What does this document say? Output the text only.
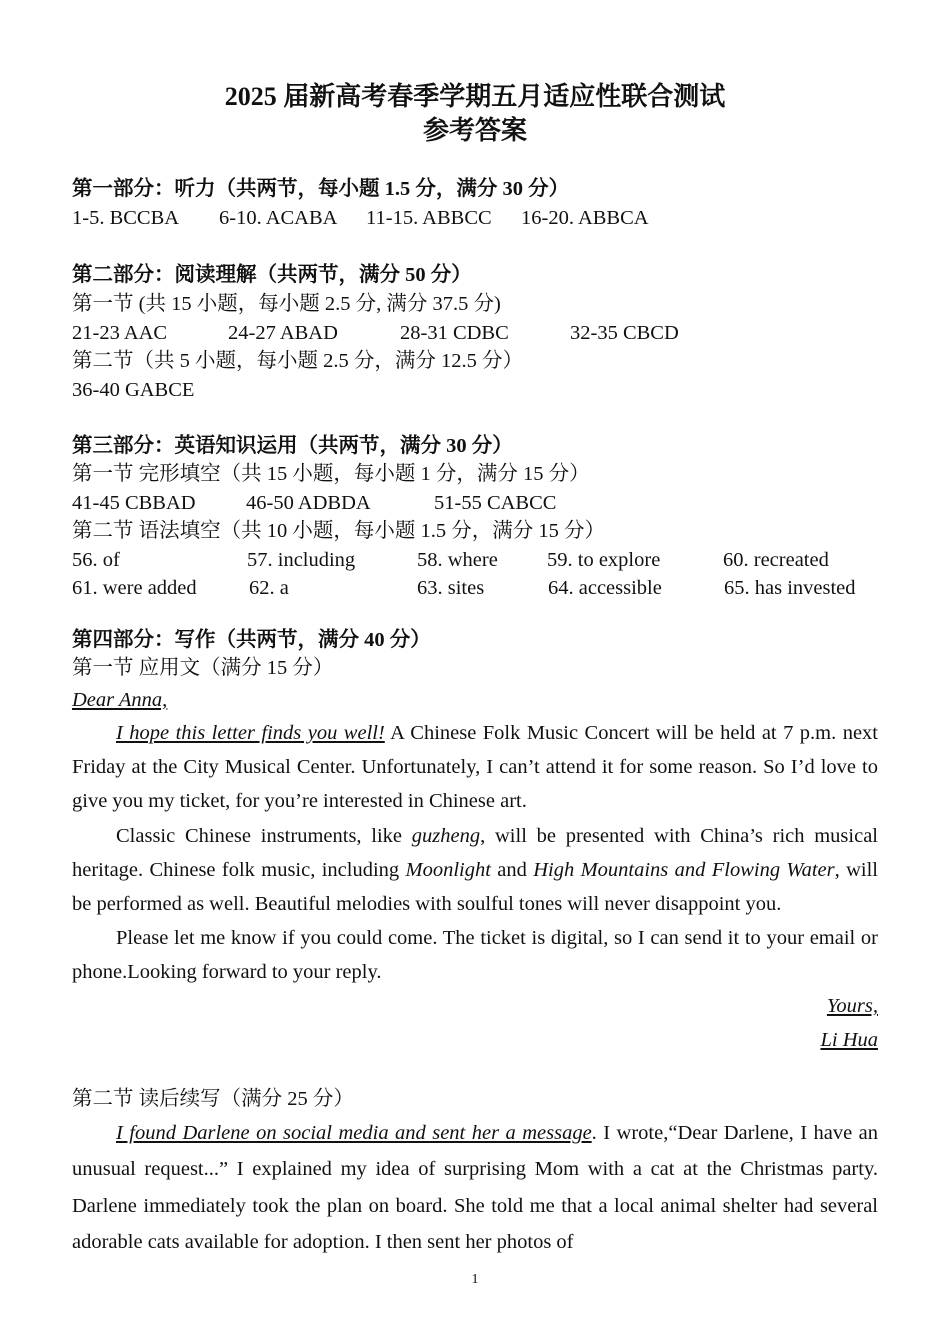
2025 届新高考春季学期五月适应性联合测试
参考答案
第一部分：听力（共两节，每小题 1.5 分，满分 30 分）
1-5. BCCBA 6-10. ACABA 11-15. ABBCC 16-20. ABBCA
第二部分：阅读理解（共两节，满分 50 分）
第一节 (共 15 小题，每小题 2.5 分, 满分 37.5 分)
21-23 AAC	24-27 ABAD	28-31 CDBC	32-35 CBCD
第二节（共 5 小题，每小题 2.5 分，满分 12.5 分）
36-40 GABCE
第三部分：英语知识运用（共两节，满分 30 分）
第一节 完形填空（共 15 小题，每小题 1 分，满分 15 分）
41-45 CBBAD 46-50 ADBDA	51-55 CABCC
第二节 语法填空（共 10 小题，每小题 1.5 分，满分 15 分）
56. of	57. including	58. where 59. to explore	60. recreated
61. were added	62. a	63. sites	64. accessible	65. has invested
第四部分：写作（共两节，满分 40 分）
第一节 应用文（满分 15 分）
Dear Anna,

I hope this letter finds you well! A Chinese Folk Music Concert will be held at 7 p.m. next Friday at the City Musical Center. Unfortunately, I can’t attend it for some reason. So I’d love to give you my ticket, for you’re interested in Chinese art.

Classic Chinese instruments, like guzheng, will be presented with China’s rich musical heritage. Chinese folk music, including Moonlight and High Mountains and Flowing Water, will be performed as well. Beautiful melodies with soulful tones will never disappoint you.

Please let me know if you could come. The ticket is digital, so I can send it to your email or phone.Looking forward to your reply.

Yours,
Li Hua
第二节 读后续写（满分 25 分）

I found Darlene on social media and sent her a message. I wrote,“Dear Darlene, I have an unusual request...” I explained my idea of surprising Mom with a cat at the Christmas party. Darlene immediately took the plan on board. She told me that a local animal shelter had several adorable cats available for adoption. I then sent her photos of

1
